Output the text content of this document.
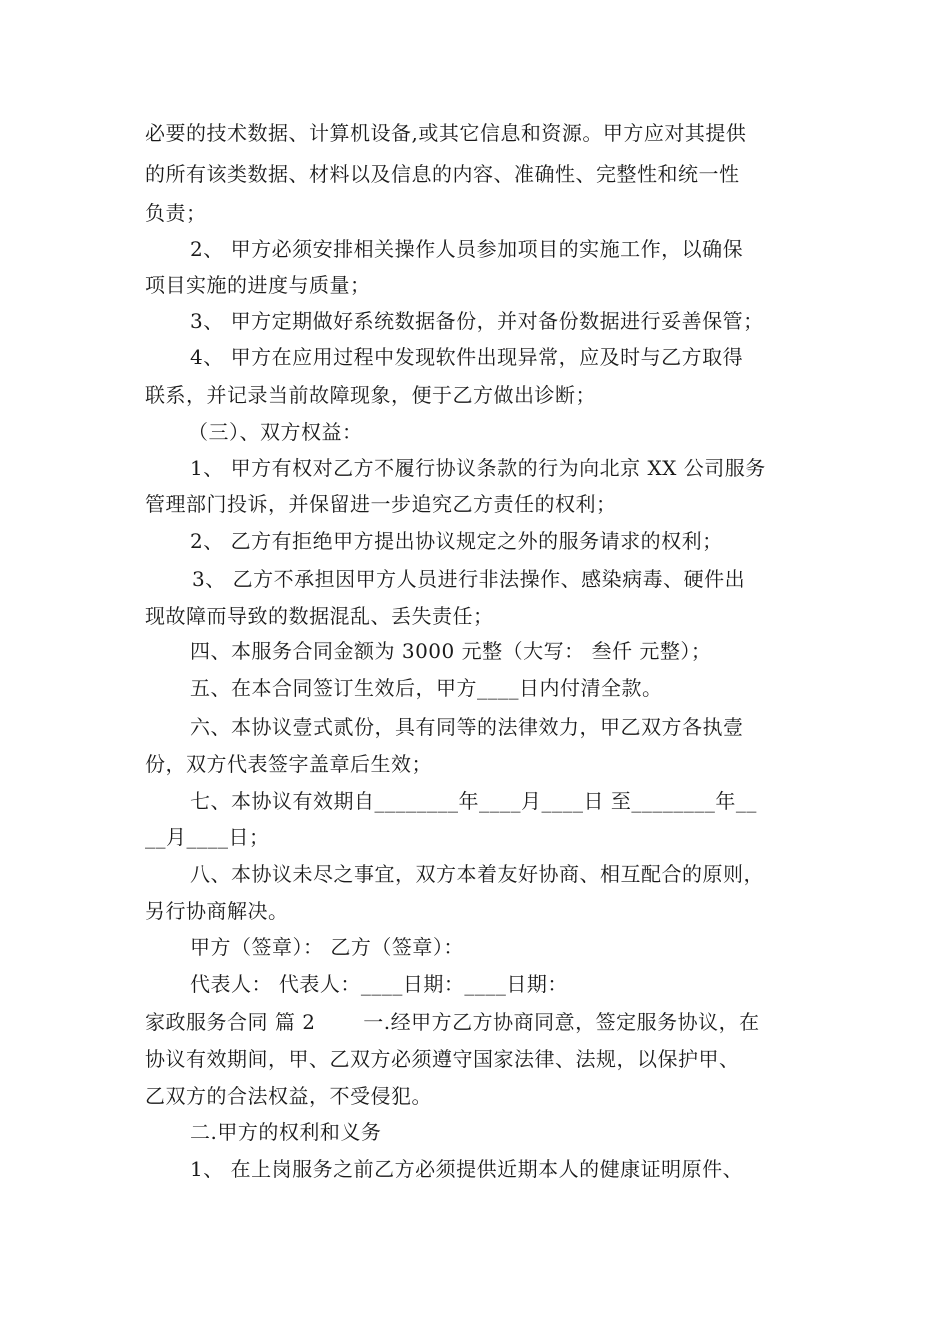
必要的技术数据、计算机设备,或其它信息和资源。甲方应对其提供
的所有该类数据、材料以及信息的内容、准确性、完整性和统一性
负责；
2、 甲方必须安排相关操作人员参加项目的实施工作，以确保
项目实施的进度与质量；
3、 甲方定期做好系统数据备份，并对备份数据进行妥善保管；
4、 甲方在应用过程中发现软件出现异常，应及时与乙方取得
联系，并记录当前故障现象，便于乙方做出诊断；
（三）、双方权益：
1、 甲方有权对乙方不履行协议条款的行为向北京 XX 公司服务
管理部门投诉，并保留进一步追究乙方责任的权利；
2、 乙方有拒绝甲方提出协议规定之外的服务请求的权利；
3、 乙方不承担因甲方人员进行非法操作、感染病毒、硬件出
现故障而导致的数据混乱、丢失责任；
四、本服务合同金额为 3000 元整（大写： 叁仟 元整）；
五、在本合同签订生效后，甲方____日内付清全款。
六、本协议壹式贰份，具有同等的法律效力，甲乙双方各执壹
份，双方代表签字盖章后生效；
七、本协议有效期自________年____月____日 至________年__
__月____日；
八、本协议未尽之事宜，双方本着友好协商、相互配合的原则，
另行协商解决。
甲方（签章）： 乙方（签章）：
代表人： 代表人：____日期：____日期：
家政服务合同 篇 2　　 一.经甲方乙方协商同意，签定服务协议，在
协议有效期间，甲、乙双方必须遵守国家法律、法规，以保护甲、
乙双方的合法权益，不受侵犯。
二.甲方的权利和义务
1、 在上岗服务之前乙方必须提供近期本人的健康证明原件、
